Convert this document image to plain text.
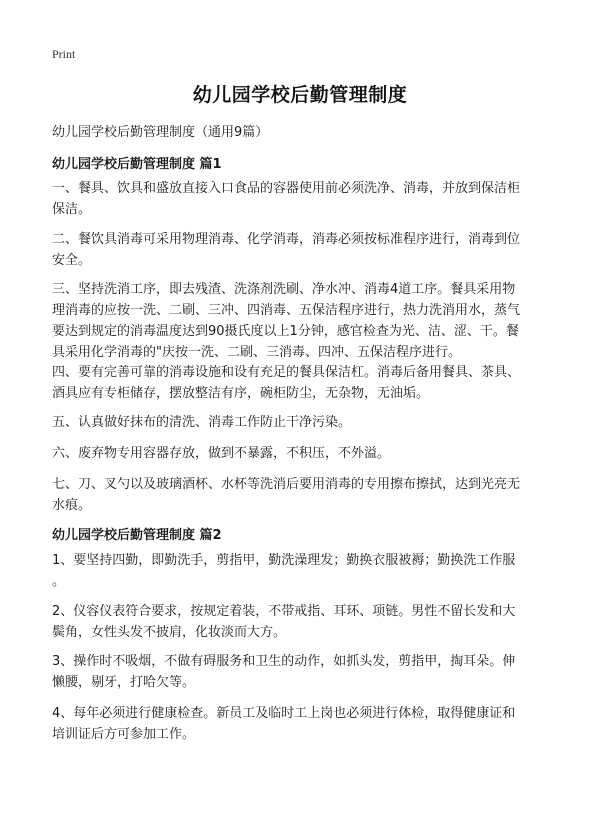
Print
幼儿园学校后勤管理制度
幼儿园学校后勤管理制度（通用9篇）
幼儿园学校后勤管理制度 篇1
一、餐具、饮具和盛放直接入口食品的容器使用前必须洗净、消毒，并放到保洁柜
保洁。
二、餐饮具消毒可采用物理消毒、化学消毒，消毒必须按标准程序进行，消毒到位
安全。
三、坚持洗消工序，即去残渣、洗涤剂洗刷、净水冲、消毒4道工序。餐具采用物
理消毒的应按一洗、二刷、三冲、四消毒、五保洁程序进行，热力洗消用水，蒸气
要达到规定的消毒温度达到90摄氏度以上1分钟，感官检查为光、洁、涩、干。餐
具采用化学消毒的"庆按一洗、二刷、三消毒、四冲、五保洁程序进行。
四、要有完善可靠的消毒设施和设有充足的餐具保洁杠。消毒后备用餐具、茶具、
酒具应有专柜储存，摆放整洁有序，碗柜防尘，无杂物，无油垢。
五、认真做好抹布的清洗、消毒工作防止干净污染。
六、废弃物专用容器存放，做到不暴露，不积压，不外溢。
七、刀、叉勺以及玻璃酒杯、水杯等洗消后要用消毒的专用擦布擦拭，达到光亮无
水痕。
幼儿园学校后勤管理制度 篇2
1、要坚持四勤，即勤洗手，剪指甲，勤洗澡理发；勤换衣服被褥；勤换洗工作服
。
2、仪容仪表符合要求，按规定着装，不带戒指、耳环、项链。男性不留长发和大
鬓角，女性头发不披肩，化妆淡而大方。
3、操作时不吸烟，不做有碍服务和卫生的动作，如抓头发，剪指甲，掏耳朵。伸
懒腰，剔牙，打哈欠等。
4、每年必须进行健康检查。新员工及临时工上岗也必须进行体检，取得健康证和
培训证后方可参加工作。
